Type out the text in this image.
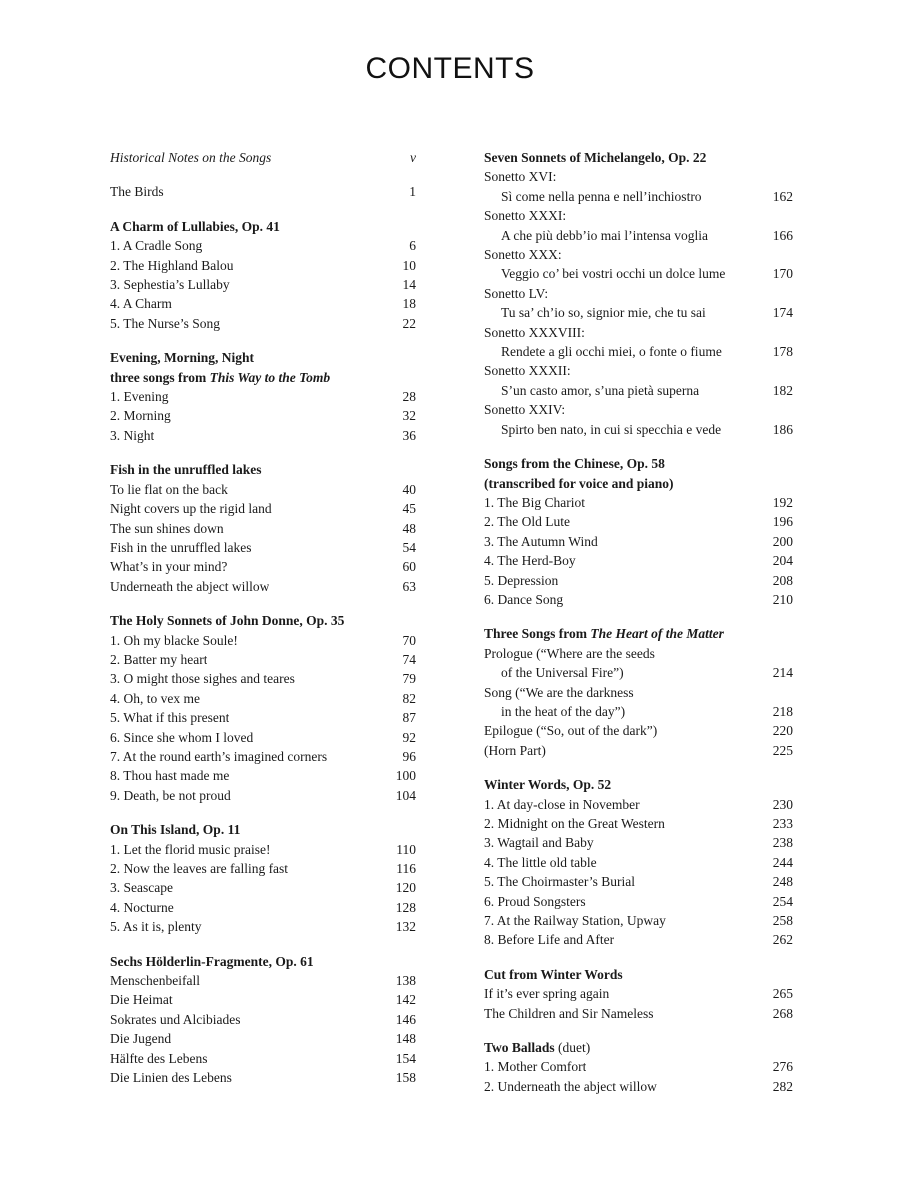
CONTENTS
Historical Notes on the Songs	v
The Birds	1
A Charm of Lullabies, Op. 41
1. A Cradle Song	6
2. The Highland Balou	10
3. Sephestia’s Lullaby	14
4. A Charm	18
5. The Nurse’s Song	22
Evening, Morning, Night
three songs from This Way to the Tomb
1. Evening	28
2. Morning	32
3. Night	36
Fish in the unruffled lakes
To lie flat on the back	40
Night covers up the rigid land	45
The sun shines down	48
Fish in the unruffled lakes	54
What’s in your mind?	60
Underneath the abject willow	63
The Holy Sonnets of John Donne, Op. 35
1. Oh my blacke Soule!	70
2. Batter my heart	74
3. O might those sighes and teares	79
4. Oh, to vex me	82
5. What if this present	87
6. Since she whom I loved	92
7. At the round earth’s imagined corners	96
8. Thou hast made me	100
9. Death, be not proud	104
On This Island, Op. 11
1. Let the florid music praise!	110
2. Now the leaves are falling fast	116
3. Seascape	120
4. Nocturne	128
5. As it is, plenty	132
Sechs Hölderlin-Fragmente, Op. 61
Menschenbeifall	138
Die Heimat	142
Sokrates und Alcibiades	146
Die Jugend	148
Hälfte des Lebens	154
Die Linien des Lebens	158
Seven Sonnets of Michelangelo, Op. 22
Sonetto XVI:
Sì come nella penna e nell’inchiostro	162
Sonetto XXXI:
A che più debb’io mai l’intensa voglia	166
Sonetto XXX:
Veggio co’ bei vostri occhi un dolce lume	170
Sonetto LV:
Tu sa’ ch’io so, signior mie, che tu sai	174
Sonetto XXXVIII:
Rendete a gli occhi miei, o fonte o fiume	178
Sonetto XXXII:
S’un casto amor, s’una pietà superna	182
Sonetto XXIV:
Spirto ben nato, in cui si specchia e vede	186
Songs from the Chinese, Op. 58
(transcribed for voice and piano)
1. The Big Chariot	192
2. The Old Lute	196
3. The Autumn Wind	200
4. The Herd-Boy	204
5. Depression	208
6. Dance Song	210
Three Songs from The Heart of the Matter
Prologue (“Where are the seeds
of the Universal Fire”)	214
Song (“We are the darkness
in the heat of the day”)	218
Epilogue (“So, out of the dark”)	220
(Horn Part)	225
Winter Words, Op. 52
1. At day-close in November	230
2. Midnight on the Great Western	233
3. Wagtail and Baby	238
4. The little old table	244
5. The Choirmaster’s Burial	248
6. Proud Songsters	254
7. At the Railway Station, Upway	258
8. Before Life and After	262
Cut from Winter Words
If it’s ever spring again	265
The Children and Sir Nameless	268
Two Ballads (duet)
1. Mother Comfort	276
2. Underneath the abject willow	282
